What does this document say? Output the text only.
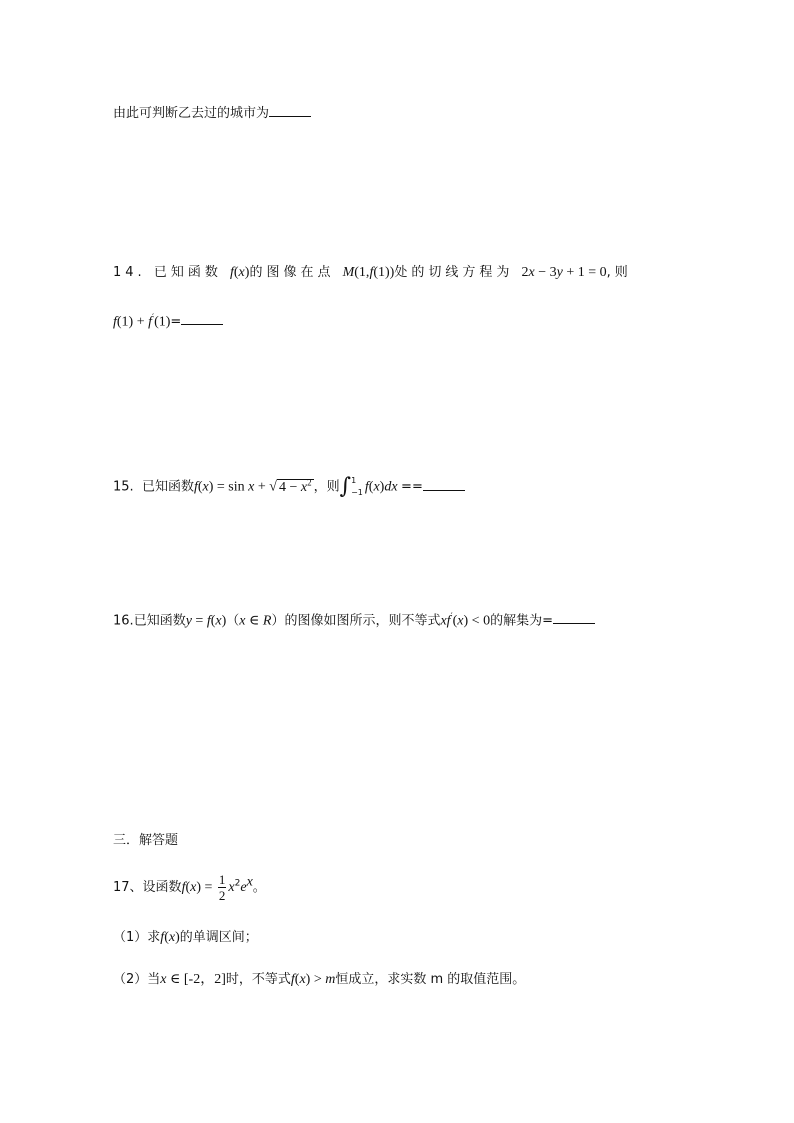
由此可判断乙去过的城市为
14. 已知函数 f(x)的图像在点 M(1,f(1))处的切线方程为 2x − 3y + 1 = 0,则
f(1) + f′(1)=
15. 已知函数f(x) = sin x + √ $4 - x^2$ ，则∫ 1
−1 f(x)dx ==
16.已知函数y = f(x)（x ∈ R）的图像如图所示，则不等式xf′(x) < 0的解集为=
三．解答题
17、设函数$f(x) = \frac{1}{2} x^2e^x$。
（1）求f(x)的单调区间；
（2）当x ∈ [-2，2]时，不等式f(x) > m恒成立，求实数 m 的取值范围。
